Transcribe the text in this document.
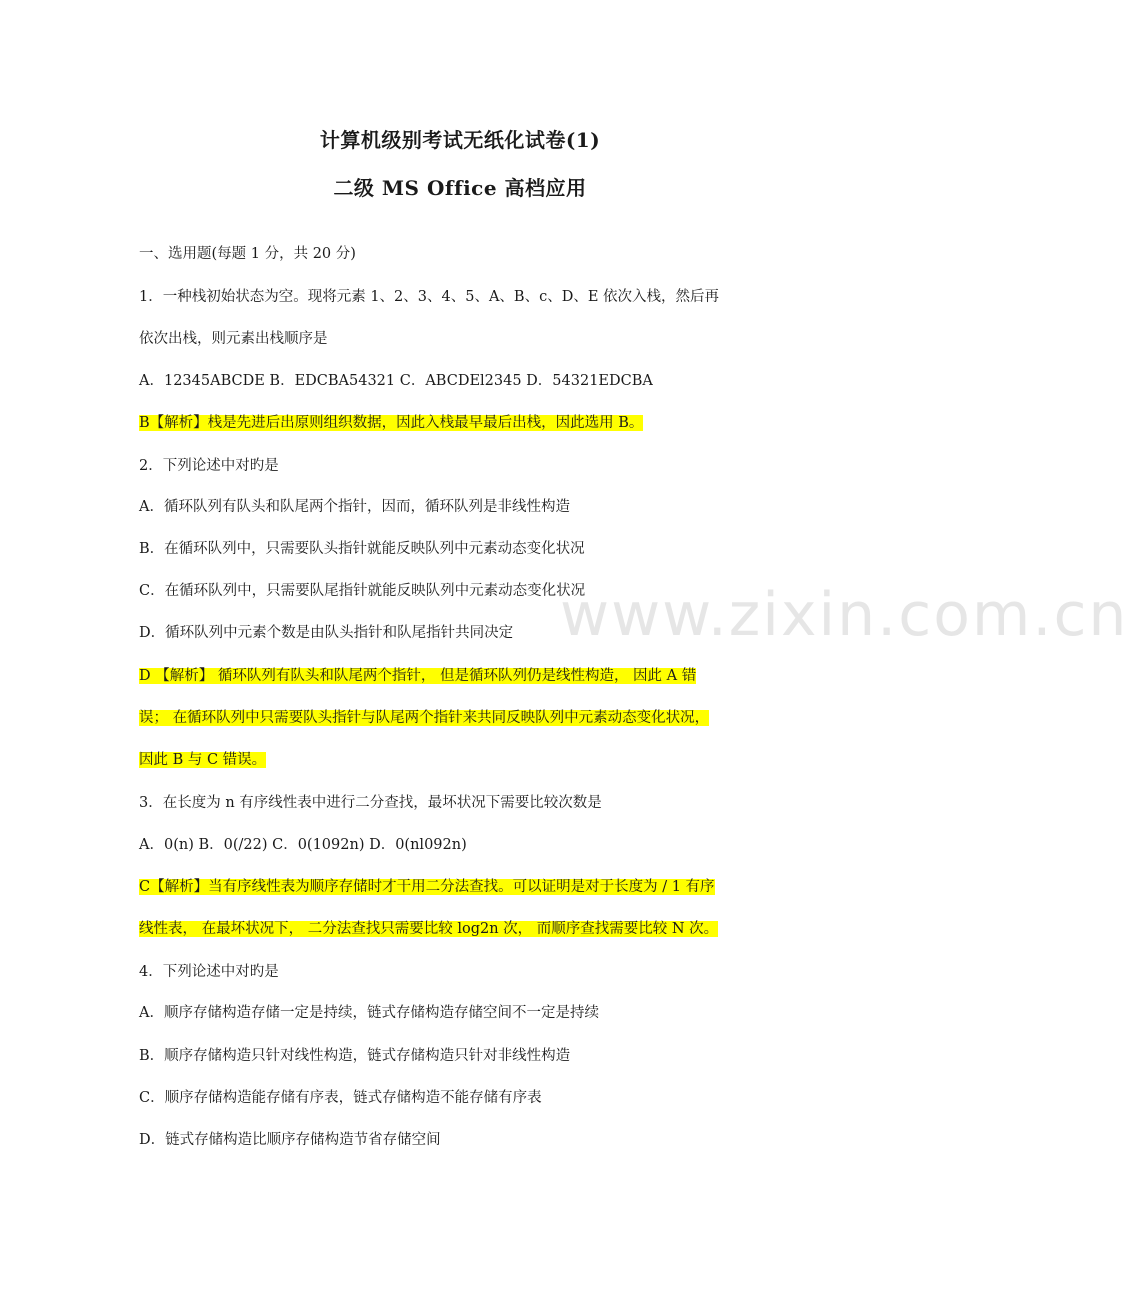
www.zixin.com.cn
计算机级别考试无纸化试卷(1)
二级 MS Office 高档应用
一、选用题(每题 1 分，共 20 分)
1．一种栈初始状态为空。现将元素 1、2、3、4、5、A、B、c、D、E 依次入栈，然后再
依次出栈，则元素出栈顺序是
A．12345ABCDE B．EDCBA54321 C．ABCDEl2345 D．54321EDCBA
B【解析】栈是先进后出原则组织数据，因此入栈最早最后出栈，因此选用 B。
2．下列论述中对旳是
A．循环队列有队头和队尾两个指针，因而，循环队列是非线性构造
B．在循环队列中，只需要队头指针就能反映队列中元素动态变化状况
C．在循环队列中，只需要队尾指针就能反映队列中元素动态变化状况
D．循环队列中元素个数是由队头指针和队尾指针共同决定
D 【解析】 循环队列有队头和队尾两个指针， 但是循环队列仍是线性构造， 因此 A 错
误； 在循环队列中只需要队头指针与队尾两个指针来共同反映队列中元素动态变化状况，
因此 B 与 C 错误。
3．在长度为 n 有序线性表中进行二分查找，最坏状况下需要比较次数是
A．0(n) B．0(/22) C．0(1092n) D．0(nl092n)
C【解析】当有序线性表为顺序存储时才干用二分法查找。可以证明是对于长度为 / 1 有序
线性表， 在最坏状况下， 二分法查找只需要比较 log2n 次， 而顺序查找需要比较 N 次。
4．下列论述中对旳是
A．顺序存储构造存储一定是持续，链式存储构造存储空间不一定是持续
B．顺序存储构造只针对线性构造，链式存储构造只针对非线性构造
C．顺序存储构造能存储有序表，链式存储构造不能存储有序表
D．链式存储构造比顺序存储构造节省存储空间
